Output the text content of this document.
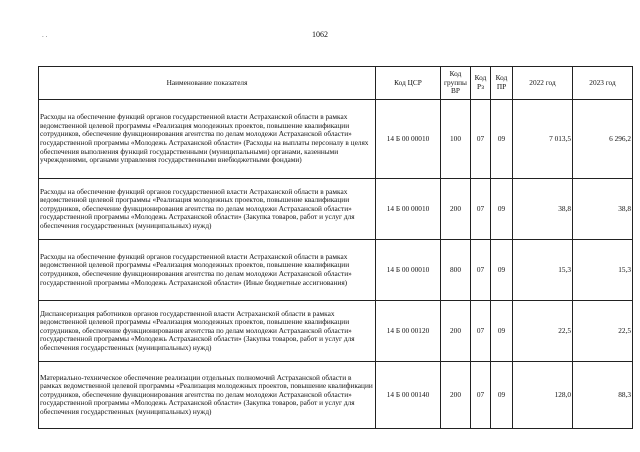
. .	1062
Наименование показателя	Код ЦСР	Код группы ВР	Код Рз	Код ПР	2022 год	2023 год

Расходы на обеспечение функций органов государственной власти Астраханской области в рамках ведомственной целевой программы «Реализация молодежных проектов, повышение квалификации сотрудников, обеспечение функционирования агентства по делам молодежи Астраханской области» государственной программы «Молодежь Астраханской области» (Расходы на выплаты персоналу в целях обеспечения выполнения функций государственными (муниципальными) органами, казенными учреждениями, органами управления государственными внебюджетными фондами)	14 Б 00 00010	100	07	09	7 013,5	6 296,2

Расходы на обеспечение функций органов государственной власти Астраханской области в рамках ведомственной целевой программы «Реализация молодежных проектов, повышение квалификации сотрудников, обеспечение функционирования агентства по делам молодежи Астраханской области» государственной программы «Молодежь Астраханской области» (Закупка товаров, работ и услуг для обеспечения государственных (муниципальных) нужд)	14 Б 00 00010	200	07	09	38,8	38,8

Расходы на обеспечение функций органов государственной власти Астраханской области в рамках ведомственной целевой программы «Реализация молодежных проектов, повышение квалификации сотрудников, обеспечение функционирования агентства по делам молодежи Астраханской области» государственной программы «Молодежь Астраханской области» (Иные бюджетные ассигнования)	14 Б 00 00010	800	07	09	15,3	15,3

Диспансеризация работников органов государственной власти Астраханской области в рамках ведомственной целевой программы «Реализация молодежных проектов, повышение квалификации сотрудников, обеспечение функционирования агентства по делам молодежи Астраханской области» государственной программы «Молодежь Астраханской области» (Закупка товаров, работ и услуг для обеспечения государственных (муниципальных) нужд)	14 Б 00 00120	200	07	09	22,5	22,5

Материально-техническое обеспечение реализации отдельных полномочий Астраханской области в рамках ведомственной целевой программы «Реализация молодежных проектов, повышение квалификации сотрудников, обеспечение функционирования агентства по делам молодежи Астраханской области» государственной программы «Молодежь Астраханской области» (Закупка товаров, работ и услуг для обеспечения государственных (муниципальных) нужд)	14 Б 00 00140	200	07	09	128,0	88,3
